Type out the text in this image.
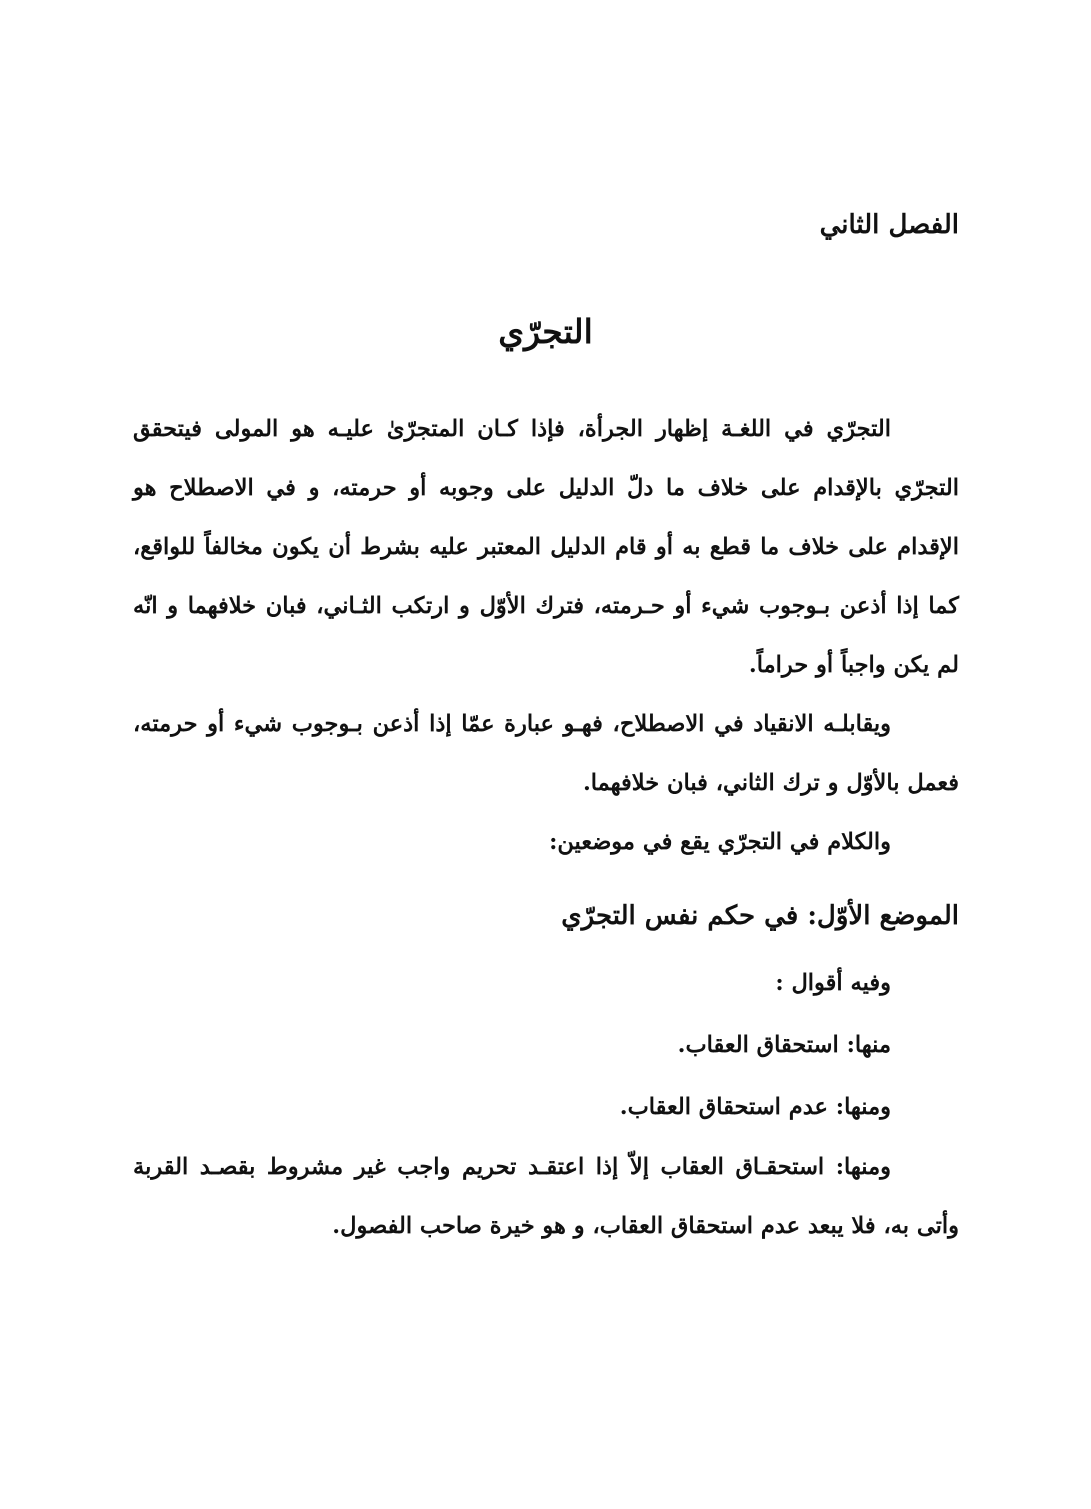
الفصل الثاني
التجرّي

التجرّي في اللغـة إظهار الجرأة، فإذا كـان المتجرّىٰ عليـه هو المولى فيتحقق التجرّي بالإقدام على خلاف ما دلّ الدليل على وجوبه أو حرمته، و في الاصطلاح هو الإقدام على خلاف ما قطع به أو قام الدليل المعتبر عليه بشرط أن يكون مخالفاً للواقع، كما إذا أذعن بـوجوب شيء أو حـرمته، فترك الأوّل و ارتكب الثـاني، فبان خلافهما و انّه لم يكن واجباً أو حراماً.

ويقابلـه الانقياد في الاصطلاح، فهـو عبارة عمّا إذا أذعن بـوجوب شيء أو حرمته، فعمل بالأوّل و ترك الثاني، فبان خلافهما.

والكلام في التجرّي يقع في موضعين:

الموضع الأوّل: في حكم نفس التجرّي

وفيه أقوال :

منها: استحقاق العقاب.

ومنها: عدم استحقاق العقاب.

ومنها: استحقـاق العقاب إلاّ إذا اعتقـد تحريم واجب غير مشروط بقصـد القربة وأتى به، فلا يبعد عدم استحقاق العقاب، و هو خيرة صاحب الفصول.
